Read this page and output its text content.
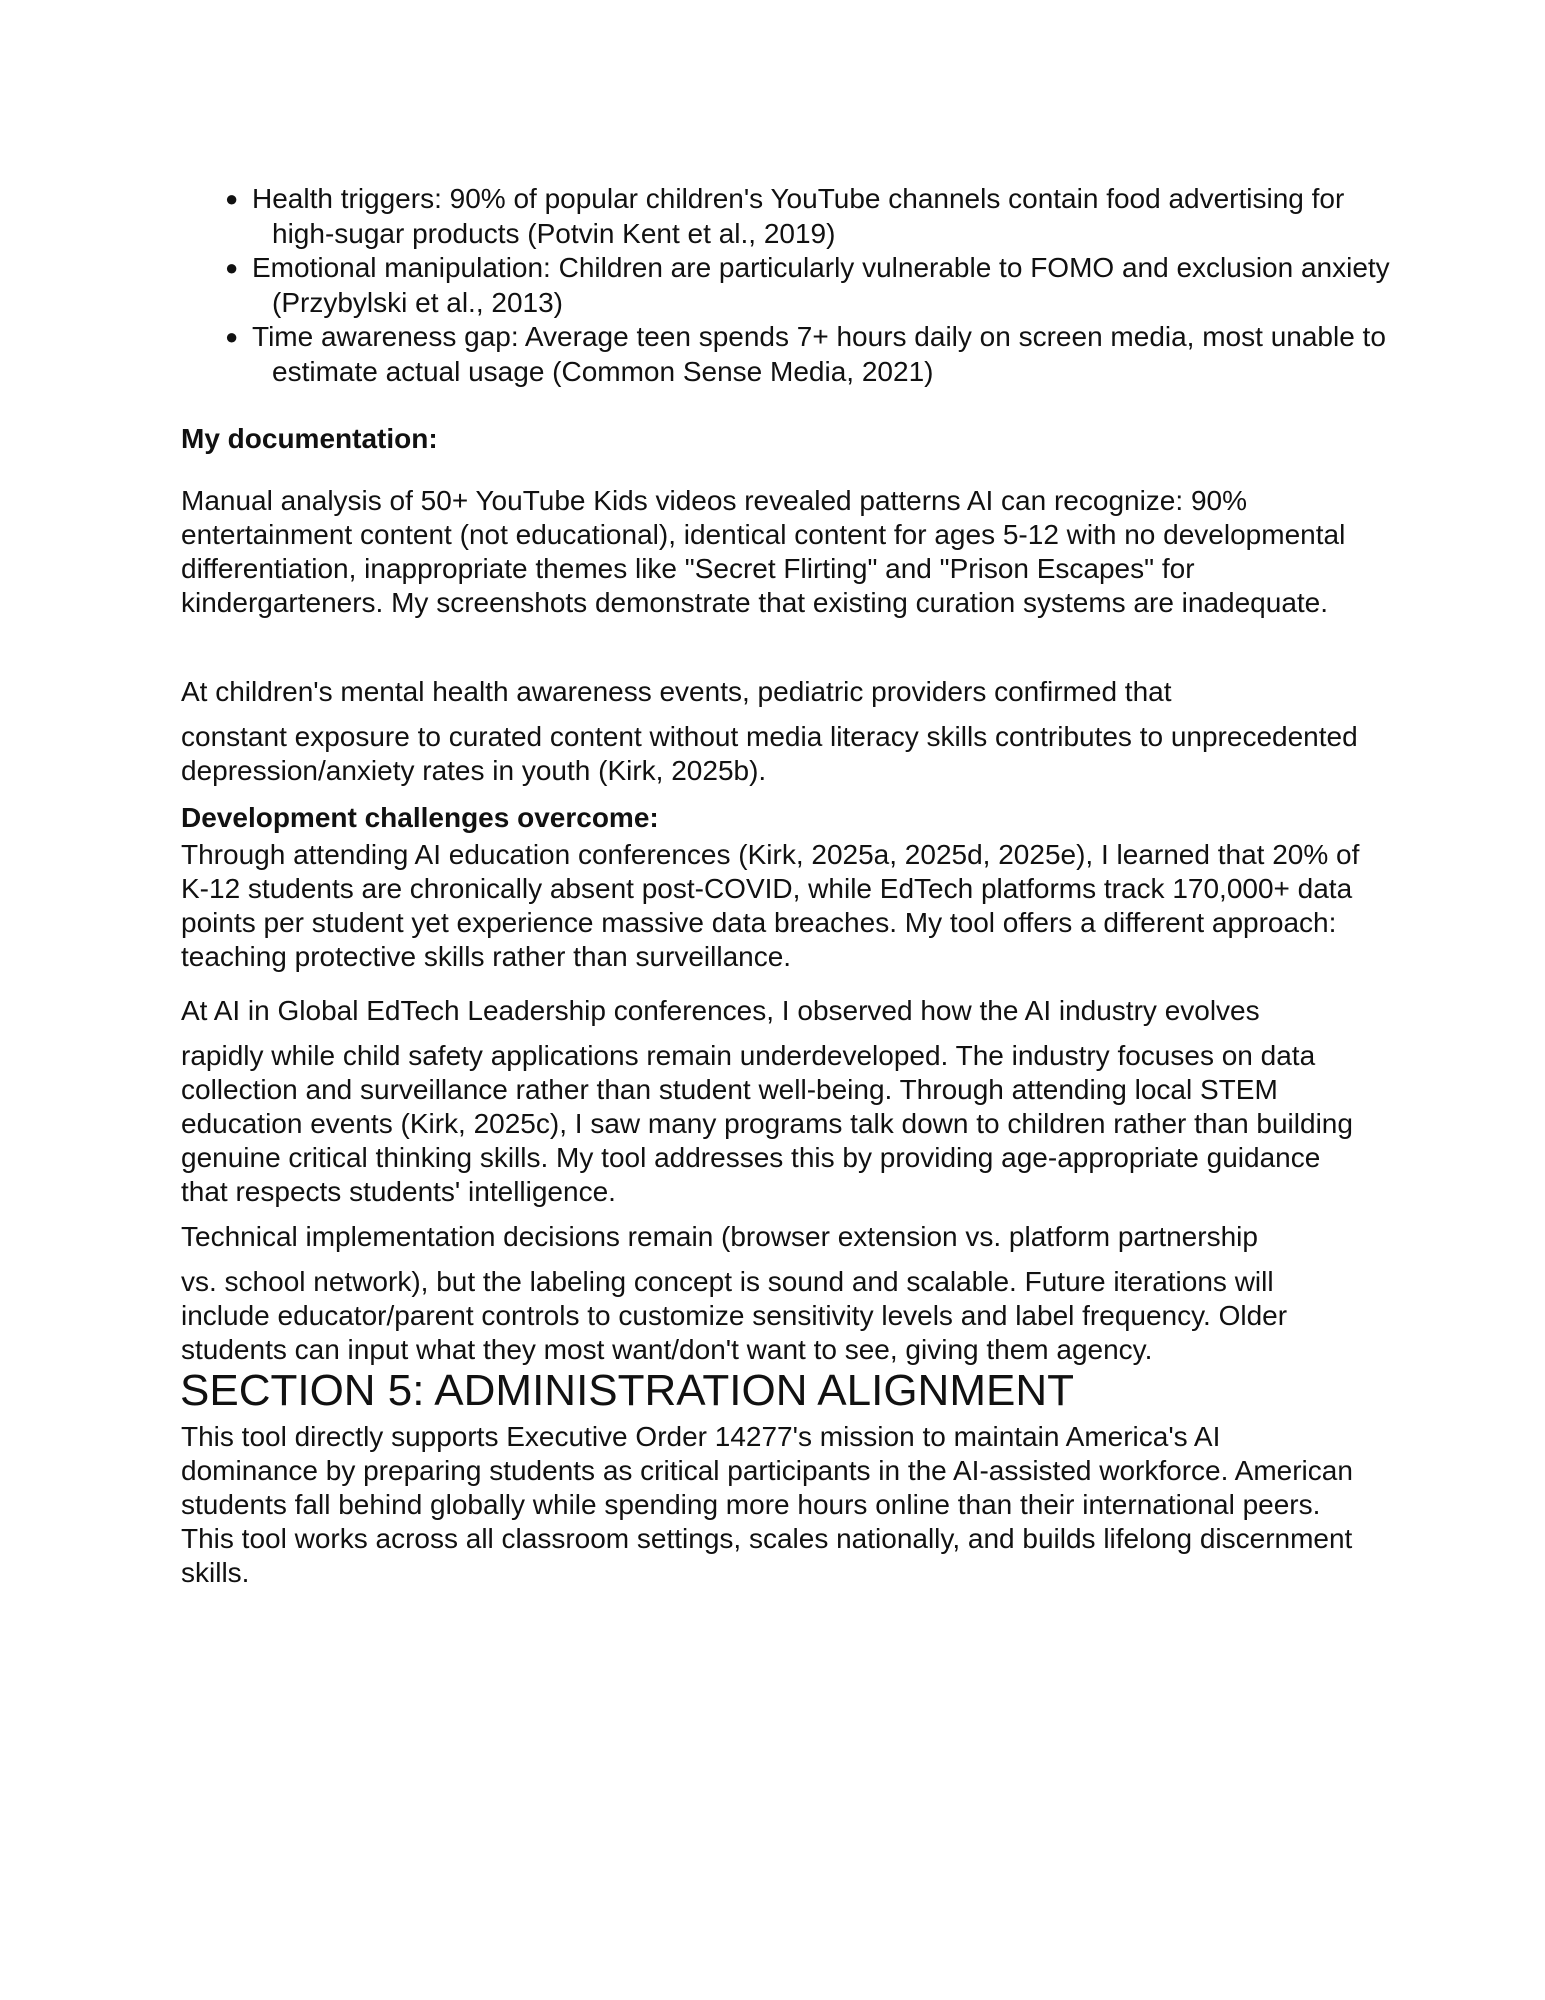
● Health triggers: 90% of popular children's YouTube channels contain food advertising for high-sugar products (Potvin Kent et al., 2019)

● Emotional manipulation: Children are particularly vulnerable to FOMO and exclusion anxiety (Przybylski et al., 2013)

● Time awareness gap: Average teen spends 7+ hours daily on screen media, most unable to estimate actual usage (Common Sense Media, 2021)

My documentation:

Manual analysis of 50+ YouTube Kids videos revealed patterns AI can recognize: 90% entertainment content (not educational), identical content for ages 5-12 with no developmental differentiation, inappropriate themes like "Secret Flirting" and "Prison Escapes" for kindergarteners. My screenshots demonstrate that existing curation systems are inadequate.

At children's mental health awareness events, pediatric providers confirmed that

constant exposure to curated content without media literacy skills contributes to unprecedented depression/anxiety rates in youth (Kirk, 2025b).

Development challenges overcome:

Through attending AI education conferences (Kirk, 2025a, 2025d, 2025e), I learned that 20% of K-12 students are chronically absent post-COVID, while EdTech platforms track 170,000+ data points per student yet experience massive data breaches. My tool offers a different approach: teaching protective skills rather than surveillance.

At AI in Global EdTech Leadership conferences, I observed how the AI industry evolves

rapidly while child safety applications remain underdeveloped. The industry focuses on data collection and surveillance rather than student well-being. Through attending local STEM education events (Kirk, 2025c), I saw many programs talk down to children rather than building genuine critical thinking skills. My tool addresses this by providing age-appropriate guidance that respects students' intelligence.

Technical implementation decisions remain (browser extension vs. platform partnership

vs. school network), but the labeling concept is sound and scalable. Future iterations will include educator/parent controls to customize sensitivity levels and label frequency. Older students can input what they most want/don't want to see, giving them agency.

SECTION 5: ADMINISTRATION ALIGNMENT

This tool directly supports Executive Order 14277's mission to maintain America's AI dominance by preparing students as critical participants in the AI-assisted workforce. American students fall behind globally while spending more hours online than their international peers. This tool works across all classroom settings, scales nationally, and builds lifelong discernment skills.
